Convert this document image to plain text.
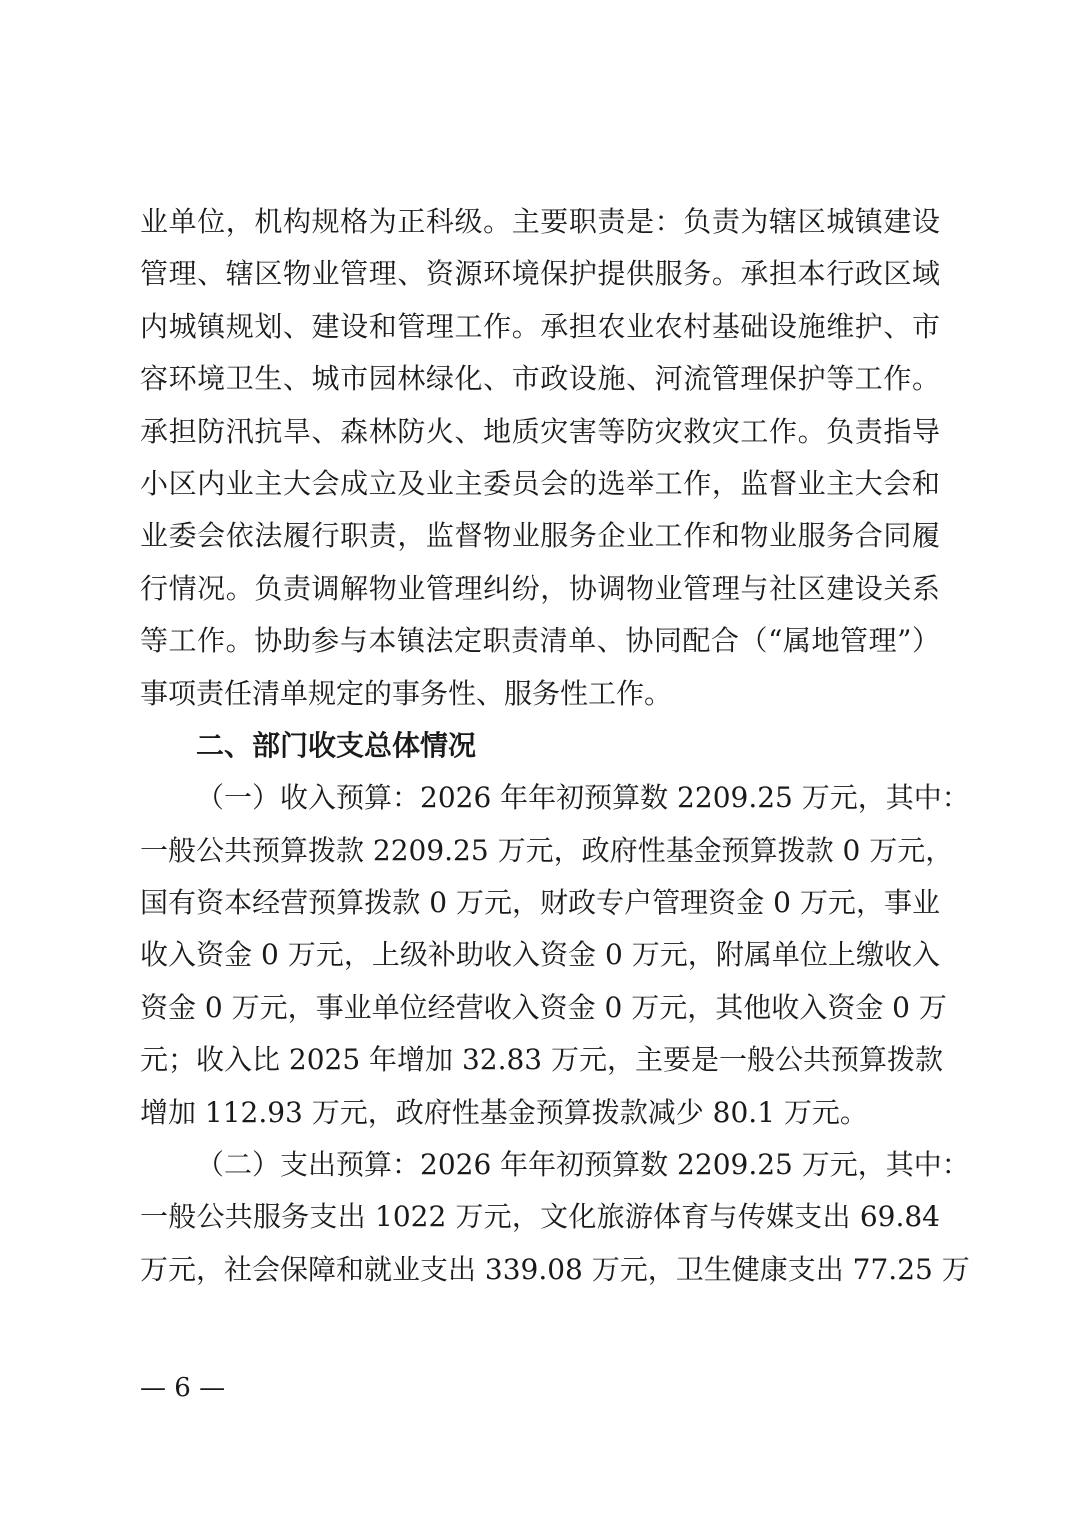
业单位，机构规格为正科级。主要职责是：负责为辖区城镇建设
管理、辖区物业管理、资源环境保护提供服务。承担本行政区域
内城镇规划、建设和管理工作。承担农业农村基础设施维护、市
容环境卫生、城市园林绿化、市政设施、河流管理保护等工作。
承担防汛抗旱、森林防火、地质灾害等防灾救灾工作。负责指导
小区内业主大会成立及业主委员会的选举工作，监督业主大会和
业委会依法履行职责，监督物业服务企业工作和物业服务合同履
行情况。负责调解物业管理纠纷，协调物业管理与社区建设关系
等工作。协助参与本镇法定职责清单、协同配合（“属地管理”）
事项责任清单规定的事务性、服务性工作。
二、部门收支总体情况
（一）收入预算：2026 年年初预算数 2209.25 万元，其中：
一般公共预算拨款 2209.25 万元，政府性基金预算拨款 0 万元，
国有资本经营预算拨款 0 万元，财政专户管理资金 0 万元，事业
收入资金 0 万元，上级补助收入资金 0 万元，附属单位上缴收入
资金 0 万元，事业单位经营收入资金 0 万元，其他收入资金 0 万
元；收入比 2025 年增加 32.83 万元，主要是一般公共预算拨款
增加 112.93 万元，政府性基金预算拨款减少 80.1 万元。
（二）支出预算：2026 年年初预算数 2209.25 万元，其中：
一般公共服务支出 1022 万元，文化旅游体育与传媒支出 69.84
万元，社会保障和就业支出 339.08 万元，卫生健康支出 77.25 万
— 6 —
